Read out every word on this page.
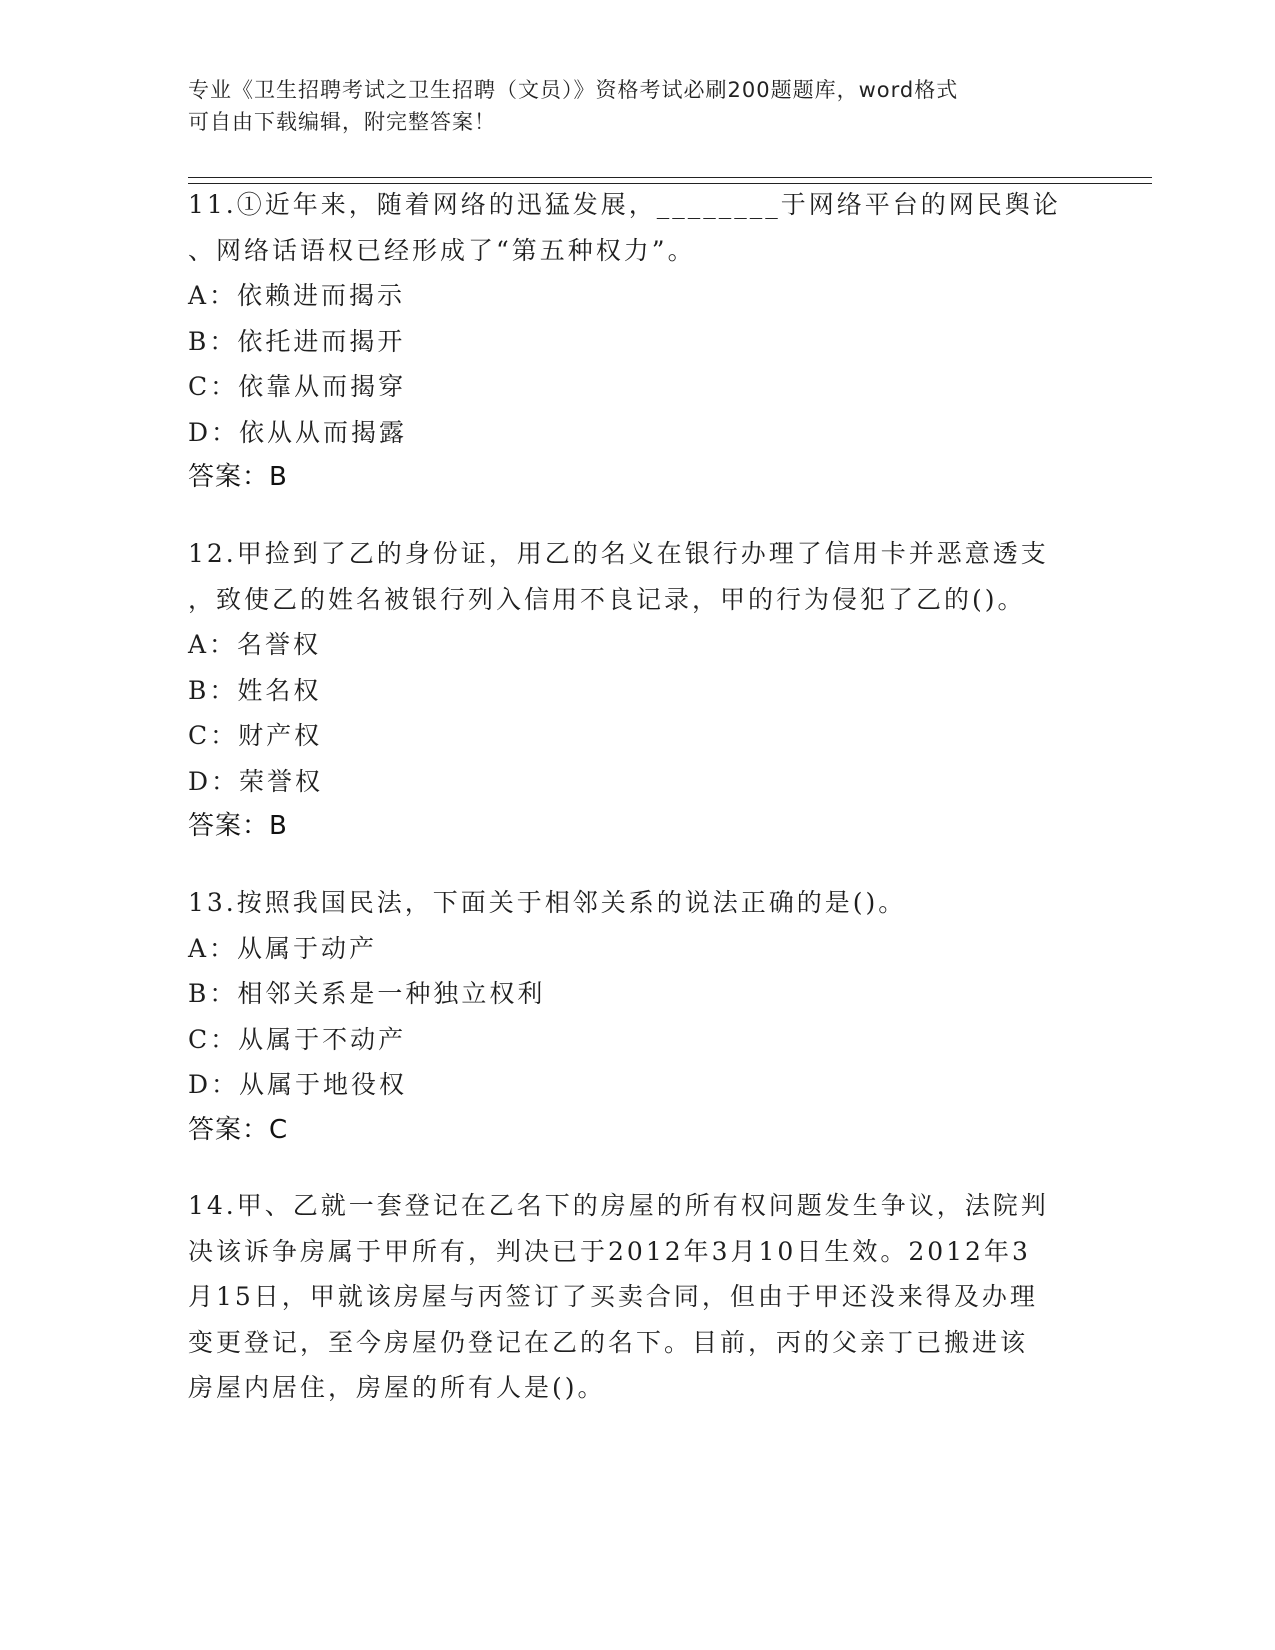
专业《卫生招聘考试之卫生招聘（文员）》资格考试必刷200题题库，word格式
可自由下载编辑，附完整答案！
11.①近年来，随着网络的迅猛发展，________于网络平台的网民舆论
、网络话语权已经形成了“第五种权力”。
A：依赖进而揭示
B：依托进而揭开
C：依靠从而揭穿
D：依从从而揭露
答案：B
12.甲捡到了乙的身份证，用乙的名义在银行办理了信用卡并恶意透支
，致使乙的姓名被银行列入信用不良记录，甲的行为侵犯了乙的()。
A：名誉权
B：姓名权
C：财产权
D：荣誉权
答案：B
13.按照我国民法，下面关于相邻关系的说法正确的是()。
A：从属于动产
B：相邻关系是一种独立权利
C：从属于不动产
D：从属于地役权
答案：C
14.甲、乙就一套登记在乙名下的房屋的所有权问题发生争议，法院判
决该诉争房属于甲所有，判决已于2012年3月10日生效。2012年3
月15日，甲就该房屋与丙签订了买卖合同，但由于甲还没来得及办理
变更登记，至今房屋仍登记在乙的名下。目前，丙的父亲丁已搬进该
房屋内居住，房屋的所有人是()。
